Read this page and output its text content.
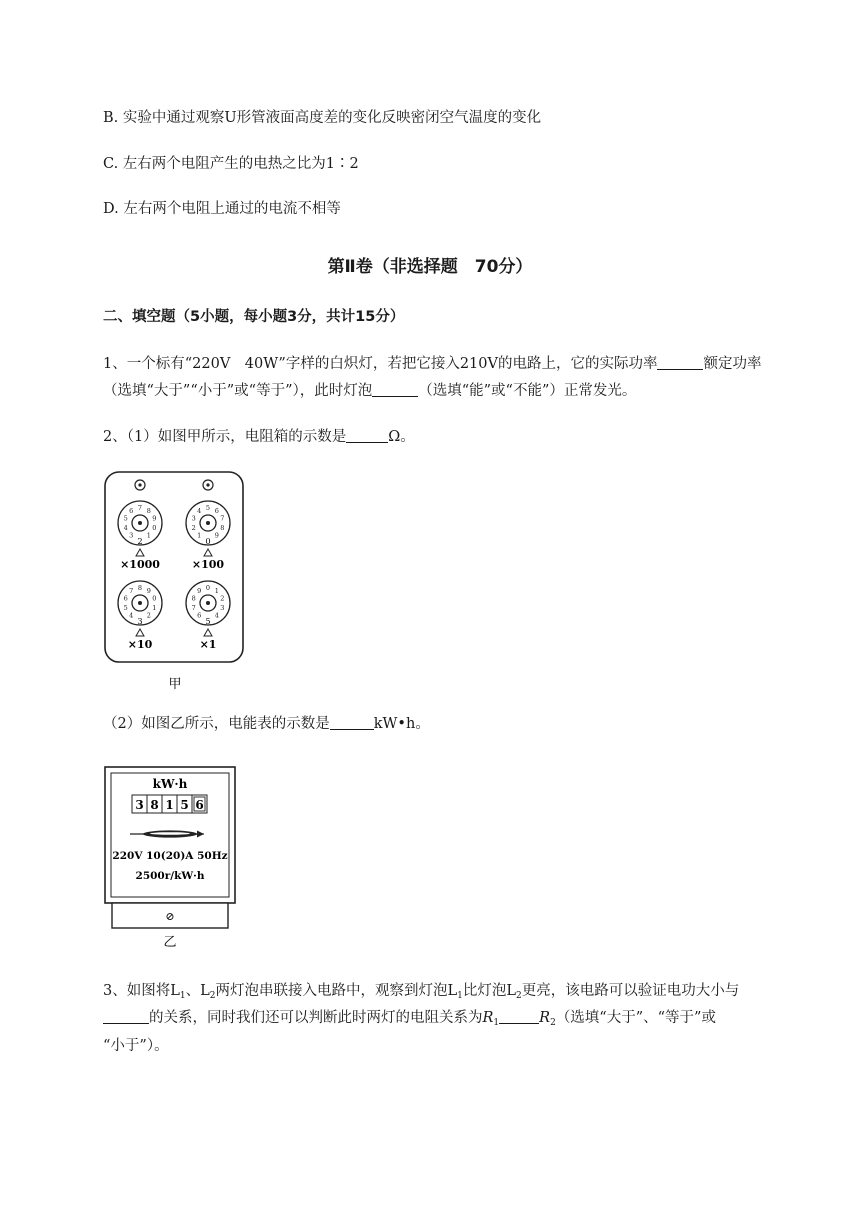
B. 实验中通过观察U形管液面高度差的变化反映密闭空气温度的变化
C. 左右两个电阻产生的电热之比为1∶2
D. 左右两个电阻上通过的电流不相等
第Ⅱ卷（非选择题　70分）
二、填空题（5小题，每小题3分，共计15分）
1、一个标有“220V　40W”字样的白炽灯，若把它接入210V的电路上，它的实际功率	额定功率
（选填“大于”“小于”或“等于”），此时灯泡	（选填“能”或“不能”）正常发光。
2、（1）如图甲所示，电阻箱的示数是	Ω。
×1000
2
×100
0
×10
3
×1
5
0
1
3
4
5
6 7 8
9
1
2
3
4 5 6
7
8
9
0
1
2
4
5
6
7 8 9	0 1
2
3
4
6
7
8
9
甲
（2）如图乙所示，电能表的示数是	kW•h。
kW·h
3 8 1 5 6
220V 10(20)A 50Hz
2500r/kW·h
⊘
乙
3、如图将$L_1$、$L_2$两灯泡串联接入电路中，观察到灯泡$L_1$比灯泡$L_2$更亮，该电路可以验证电功大小与
的关系，同时我们还可以判断此时两灯的电阻关系为$R_1$	$R_2$（选填“大于”、“等于”或
“小于”）。
